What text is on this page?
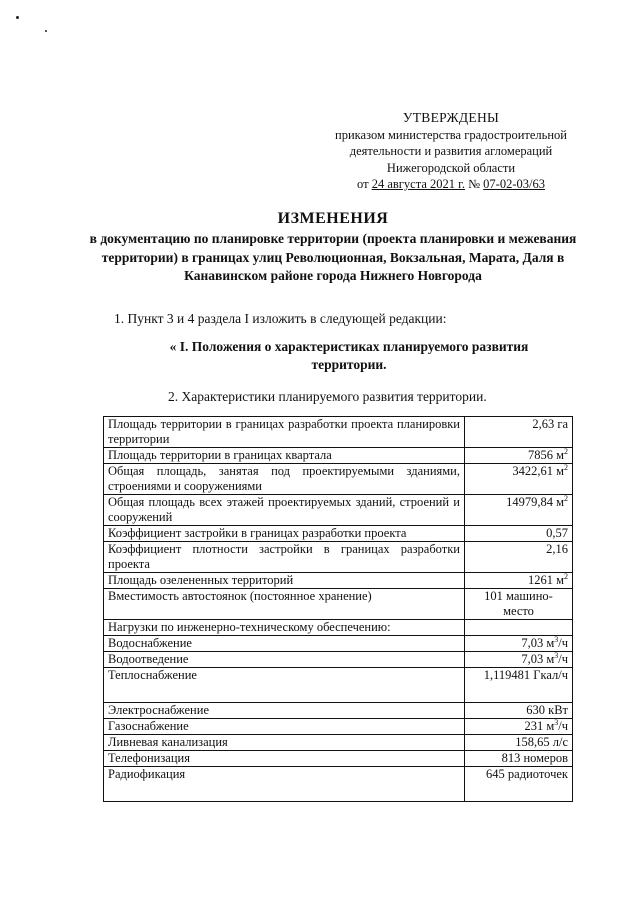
УТВЕРЖДЕНЫ
приказом министерства градостроительной
деятельности и развития агломераций
Нижегородской области
от 24 августа 2021 г. № 07-02-03/63
ИЗМЕНЕНИЯ
в документацию по планировке территории (проекта планировки и межевания территории) в границах улиц Революционная, Вокзальная, Марата, Даля в Канавинском районе города Нижнего Новгорода
1. Пункт 3 и 4 раздела I изложить в следующей редакции:
« I. Положения о характеристиках планируемого развития территории.
2. Характеристики планируемого развития территории.
Площадь территории в границах разработки проекта планировки территории	2,63 га
Площадь территории в границах квартала	7856 $м^2$
Общая площадь, занятая под проектируемыми зданиями, строениями и сооружениями	3422,61 $м^2$
Общая площадь всех этажей проектируемых зданий, строений и сооружений	14979,84 $м^2$
Коэффициент застройки в границах разработки проекта	0,57
Коэффициент плотности застройки в границах разработки проекта	2,16
Площадь озелененных территорий	1261 $м^2$
Вместимость автостоянок (постоянное хранение)	101 машино-место
Нагрузки по инженерно-техническому обеспечению:	
Водоснабжение	7,03 $м^3/ч$
Водоотведение	7,03 $м^3/ч$
Теплоснабжение	1,119481 Гкал/ч
Электроснабжение	630 кВт
Газоснабжение	231 $м^3/ч$
Ливневая канализация	158,65 л/с
Телефонизация	813 номеров
Радиофикация	645 радиоточек
